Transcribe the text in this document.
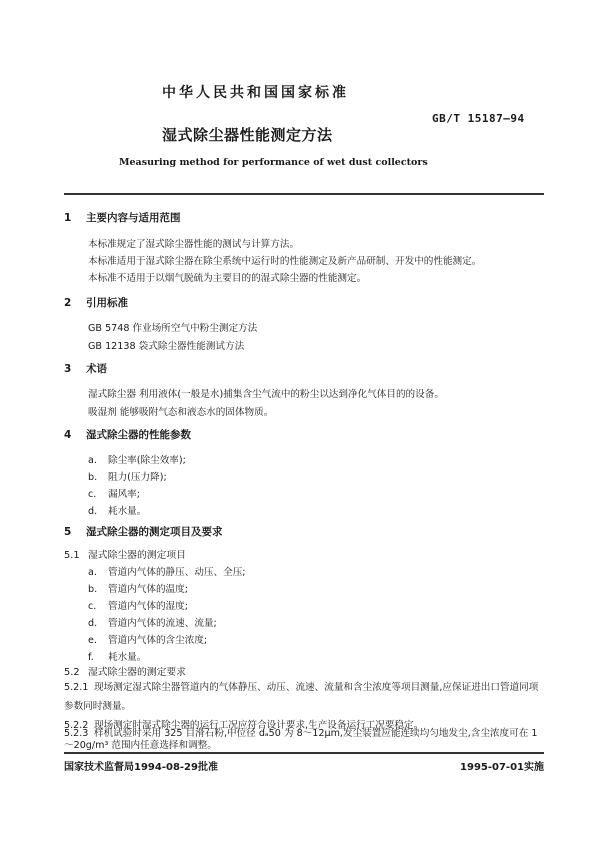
中华人民共和国国家标准
GB/T 15187—94
湿式除尘器性能测定方法
Measuring method for performance of wet dust collectors
1 主要内容与适用范围
本标准规定了湿式除尘器性能的测试与计算方法。
本标准适用于湿式除尘器在除尘系统中运行时的性能测定及新产品研制、开发中的性能测定。
本标准不适用于以烟气脱硫为主要目的的湿式除尘器的性能测定。
2 引用标准
GB 5748 作业场所空气中粉尘测定方法
GB 12138 袋式除尘器性能测试方法
3 术语
湿式除尘器 利用液体(一般是水)捕集含尘气流中的粉尘以达到净化气体目的的设备。
吸湿剂 能够吸附气态和液态水的固体物质。
4 湿式除尘器的性能参数
a. 除尘率(除尘效率);
b. 阻力(压力降);
c. 漏风率;
d. 耗水量。
5 湿式除尘器的测定项目及要求
5.1 湿式除尘器的测定项目
a. 管道内气体的静压、动压、全压;
b. 管道内气体的温度;
c. 管道内气体的湿度;
d. 管道内气体的流速、流量;
e. 管道内气体的含尘浓度;
f. 耗水量。
5.2 湿式除尘器的测定要求
5.2.1 现场测定湿式除尘器管道内的气体静压、动压、流速、流量和含尘浓度等项目测量,应保证进出口管道同项参数同时测量。
5.2.2 现场测定时湿式除尘器的运行工况应符合设计要求,生产设备运行工况要稳定。
5.2.3 样机试验时采用 325 目滑石粉,中位径 dₐ50 为 8～12μm,发尘装置应能连续均匀地发尘,含尘浓度可在 1～20g/m³ 范围内任意选择和调整。
国家技术监督局1994-08-29批准	1995-07-01实施
